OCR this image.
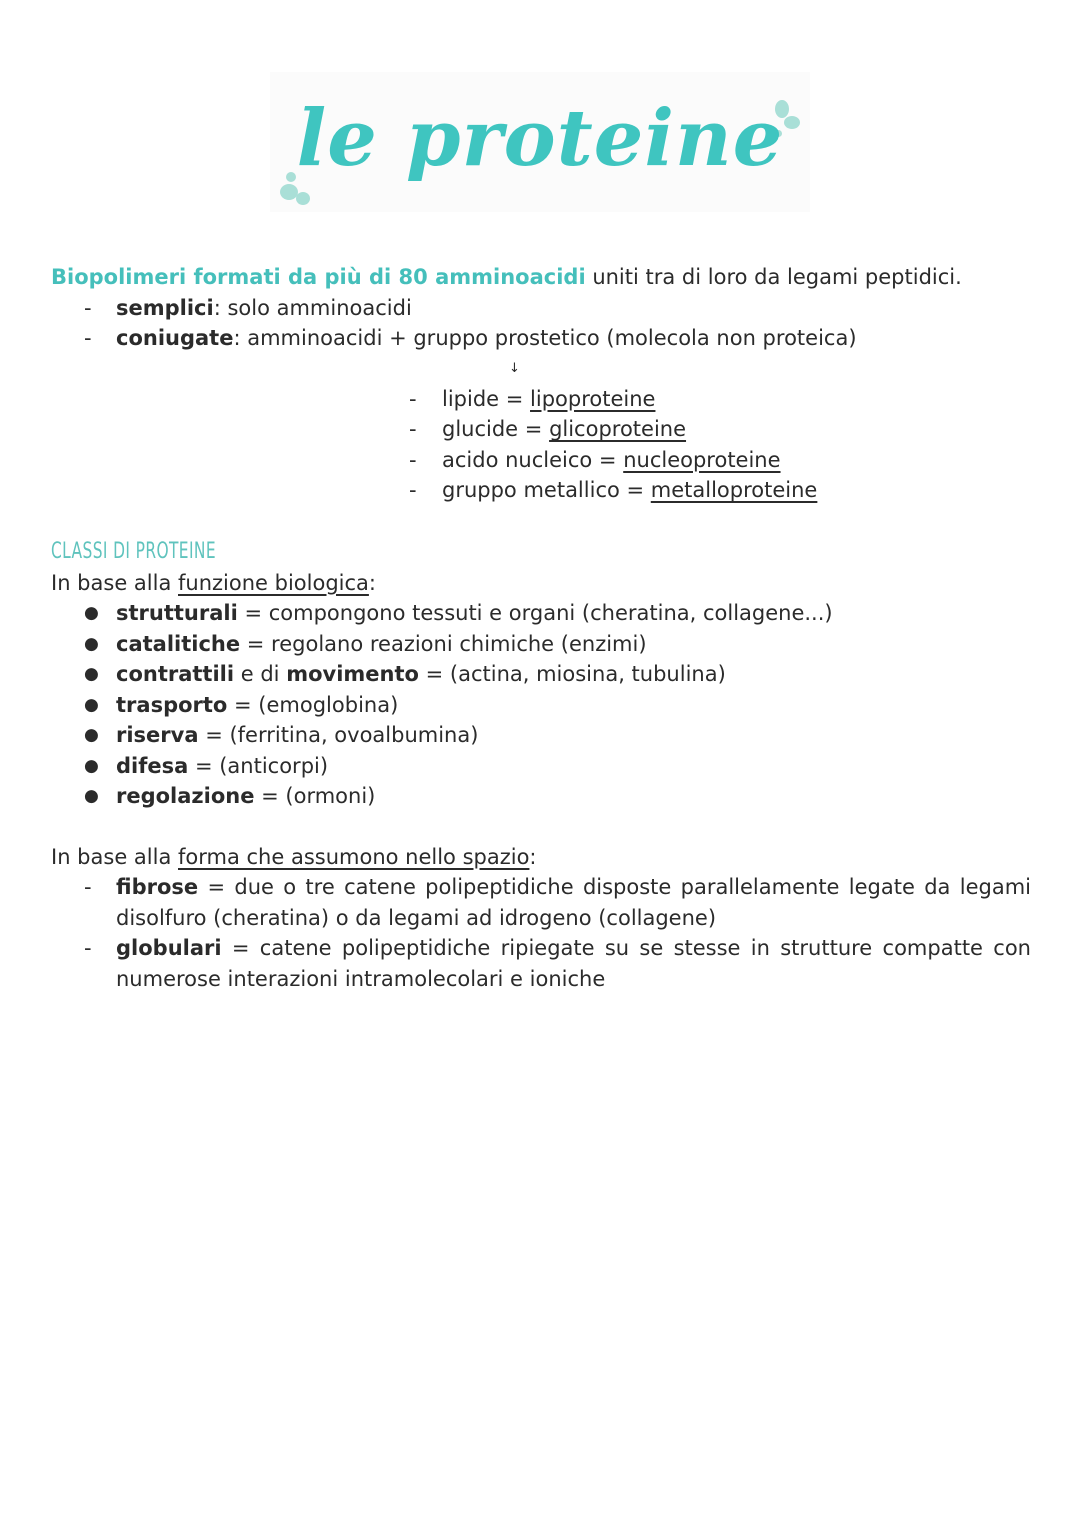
le proteine
Biopolimeri formati da più di 80 amminoacidi uniti tra di loro da legami peptidici.
- semplici: solo amminoacidi
- coniugate: amminoacidi + gruppo prostetico (molecola non proteica)
↓
- lipide = lipoproteine
- glucide = glicoproteine
- acido nucleico = nucleoproteine
- gruppo metallico = metalloproteine
CLASSI DI PROTEINE
In base alla funzione biologica:
● strutturali = compongono tessuti e organi (cheratina, collagene...)
● catalitiche = regolano reazioni chimiche (enzimi)
● contrattili e di movimento = (actina, miosina, tubulina)
● trasporto = (emoglobina)
● riserva = (ferritina, ovoalbumina)
● difesa = (anticorpi)
● regolazione = (ormoni)
In base alla forma che assumono nello spazio:
- fibrose = due o tre catene polipeptidiche disposte parallelamente legate da legami disolfuro (cheratina) o da legami ad idrogeno (collagene)
- globulari = catene polipeptidiche ripiegate su se stesse in strutture compatte con numerose interazioni intramolecolari e ioniche
